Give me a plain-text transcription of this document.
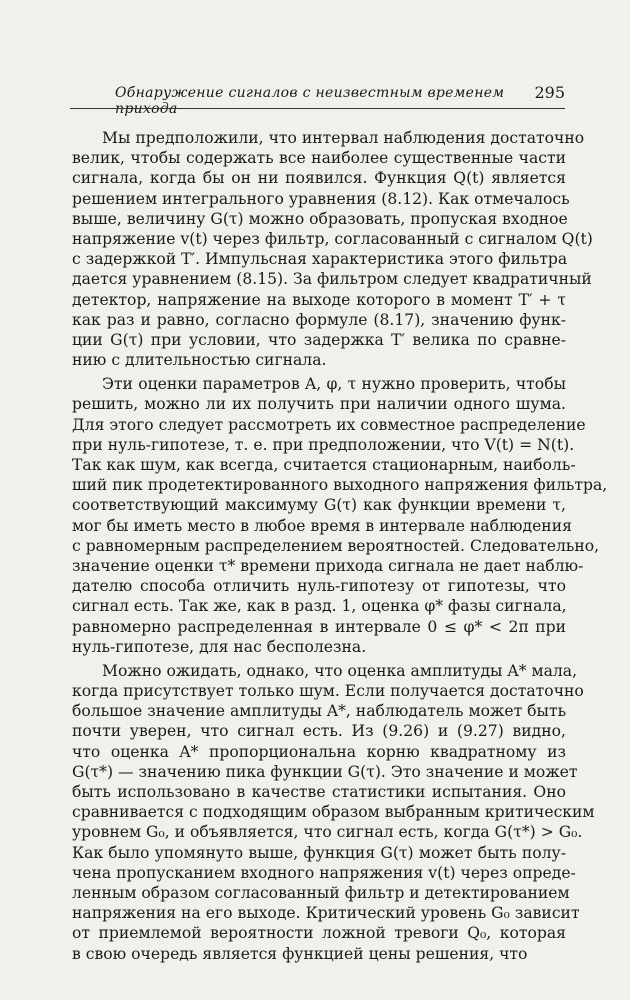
Обнаружение сигналов с неизвестным временем прихода
295
Мы предположили, что интервал наблюдения достаточно
велик, чтобы содержать все наиболее существенные части
сигнала, когда бы он ни появился. Функция Q(t) является
решением интегрального уравнения (8.12). Как отмечалось
выше, величину G(τ) можно образовать, пропуская входное
напряжение v(t) через фильтр, согласованный с сигналом Q(t)
с задержкой T′. Импульсная характеристика этого фильтра
дается уравнением (8.15). За фильтром следует квадратичный
детектор, напряжение на выходе которого в момент T′ + τ
как раз и равно, согласно формуле (8.17), значению функ-
ции G(τ) при условии, что задержка T′ велика по сравне-
нию с длительностью сигнала.
Эти оценки параметров A, φ, τ нужно проверить, чтобы
решить, можно ли их получить при наличии одного шума.
Для этого следует рассмотреть их совместное распределение
при нуль-гипотезе, т. е. при предположении, что V(t) = N(t).
Так как шум, как всегда, считается стационарным, наиболь-
ший пик продетектированного выходного напряжения фильтра,
соответствующий максимуму G(τ) как функции времени τ,
мог бы иметь место в любое время в интервале наблюдения
с равномерным распределением вероятностей. Следовательно,
значение оценки τ* времени прихода сигнала не дает наблю-
дателю способа отличить нуль-гипотезу от гипотезы, что
сигнал есть. Так же, как в разд. 1, оценка φ* фазы сигнала,
равномерно распределенная в интервале 0 ≤ φ* < 2π при
нуль-гипотезе, для нас бесполезна.
Можно ожидать, однако, что оценка амплитуды A* мала,
когда присутствует только шум. Если получается достаточно
большое значение амплитуды A*, наблюдатель может быть
почти уверен, что сигнал есть. Из (9.26) и (9.27) видно,
что оценка A* пропорциональна корню квадратному из
G(τ*) — значению пика функции G(τ). Это значение и может
быть использовано в качестве статистики испытания. Оно
сравнивается с подходящим образом выбранным критическим
уровнем G₀, и объявляется, что сигнал есть, когда G(τ*) > G₀.
Как было упомянуто выше, функция G(τ) может быть полу-
чена пропусканием входного напряжения v(t) через опреде-
ленным образом согласованный фильтр и детектированием
напряжения на его выходе. Критический уровень G₀ зависит
от приемлемой вероятности ложной тревоги Q₀, которая
в свою очередь является функцией цены решения, что
